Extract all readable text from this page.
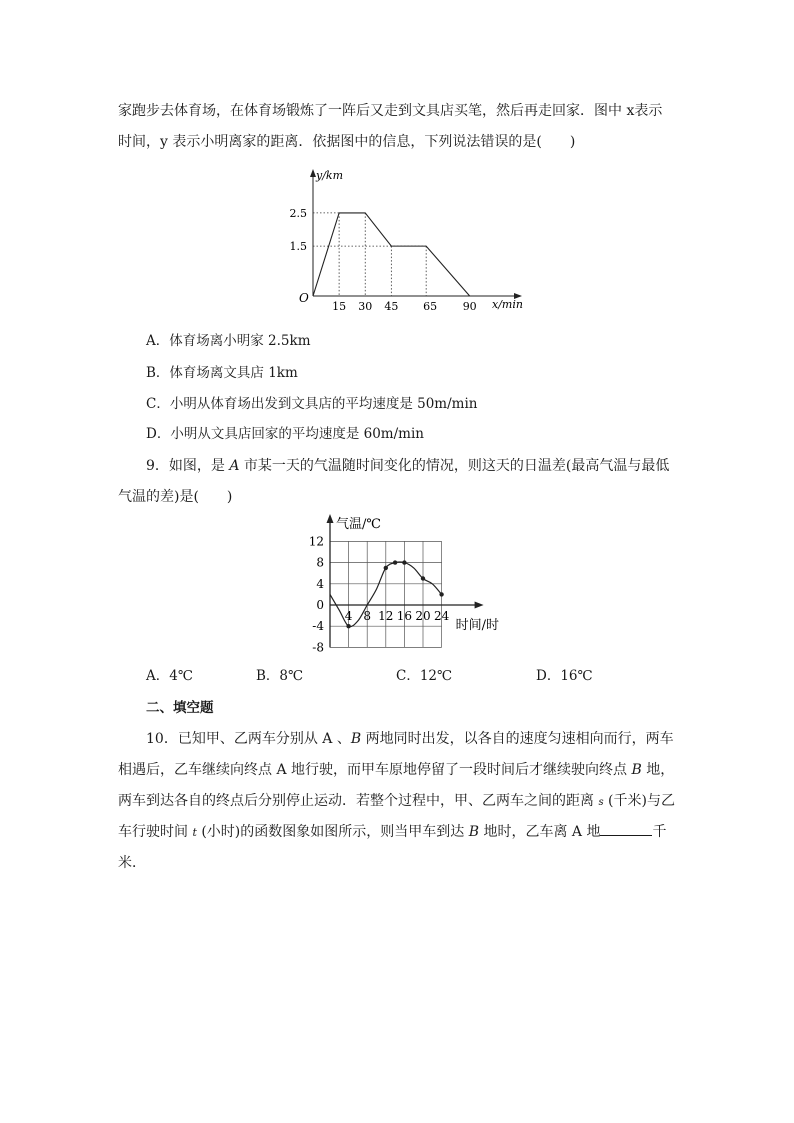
家跑步去体育场，在体育场锻炼了一阵后又走到文具店买笔，然后再走回家．图中 x表示
时间，y 表示小明离家的距离．依据图中的信息，下列说法错误的是(　　)
y/km
x/min
O
15 30 45 65 90
2.5
1.5
A．体育场离小明家 2.5km
B．体育场离文具店 1km
C．小明从体育场出发到文具店的平均速度是 50m/min
D．小明从文具店回家的平均速度是 60m/min
9．如图，是 A 市某一天的气温随时间变化的情况，则这天的日温差(最高气温与最低
气温的差)是(　　)
气温/℃
时间/时
12
8
4
0
-4
-8
4 8 12 16 20 24
A．4℃	B．8℃	C．12℃	D．16℃
二、填空题
10．已知甲、乙两车分别从 A 、B 两地同时出发，以各自的速度匀速相向而行，两车
相遇后，乙车继续向终点 A 地行驶，而甲车原地停留了一段时间后才继续驶向终点 B 地，
两车到达各自的终点后分别停止运动．若整个过程中，甲、乙两车之间的距离 s (千米)与乙
车行驶时间 t (小时)的函数图象如图所示，则当甲车到达 B 地时，乙车离 A 地	千
米．
